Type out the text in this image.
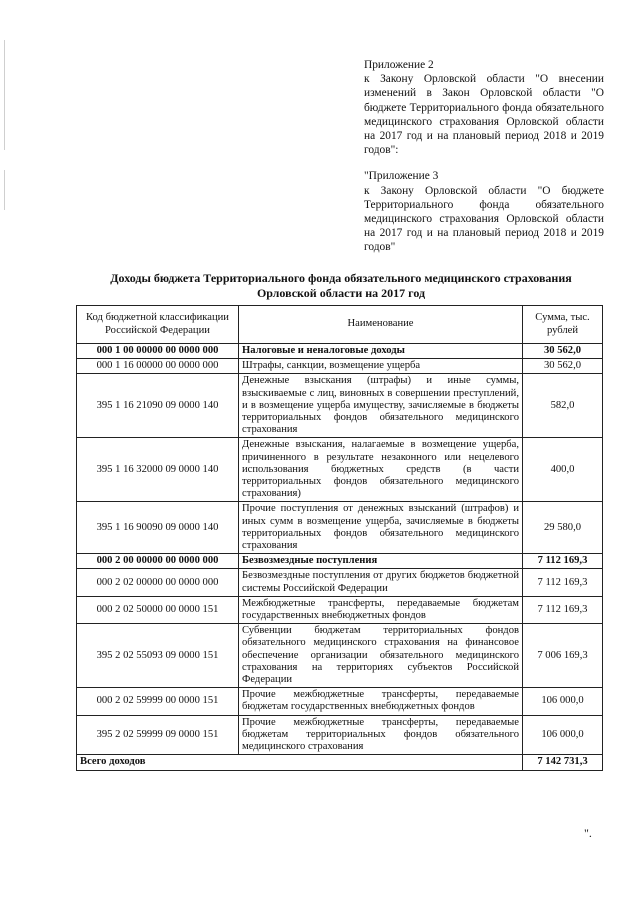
Приложение 2

к Закону Орловской области "О внесении изменений в Закон Орловской области "О бюджете Территориального фонда обязательного медицинского страхования Орловской области на 2017 год и на плановый период 2018 и 2019 годов":

"Приложение 3

к Закону Орловской области "О бюджете Территориального фонда обязательного медицинского страхования Орловской области на 2017 год и на плановый период 2018 и 2019 годов"

Доходы бюджета Территориального фонда обязательного медицинского страхования
Орловской области на 2017 год
Код бюджетной классификации Российской Федерации	Наименование	Сумма, тыс. рублей
000 1 00 00000 00 0000 000	Налоговые и неналоговые доходы	30 562,0
000 1 16 00000 00 0000 000	Штрафы, санкции, возмещение ущерба	30 562,0
395 1 16 21090 09 0000 140	Денежные взыскания (штрафы) и иные суммы, взыскиваемые с лиц, виновных в совершении преступлений, и в возмещение ущерба имуществу, зачисляемые в бюджеты территориальных фондов обязательного медицинского страхования	582,0
395 1 16 32000 09 0000 140	Денежные взыскания, налагаемые в возмещение ущерба, причиненного в результате незаконного или нецелевого использования бюджетных средств (в части территориальных фондов обязательного медицинского страхования)	400,0
395 1 16 90090 09 0000 140	Прочие поступления от денежных взысканий (штрафов) и иных сумм в возмещение ущерба, зачисляемые в бюджеты территориальных фондов обязательного медицинского страхования	29 580,0
000 2 00 00000 00 0000 000	Безвозмездные поступления	7 112 169,3
000 2 02 00000 00 0000 000	Безвозмездные поступления от других бюджетов бюджетной системы Российской Федерации	7 112 169,3
000 2 02 50000 00 0000 151	Межбюджетные трансферты, передаваемые бюджетам государственных внебюджетных фондов	7 112 169,3
395 2 02 55093 09 0000 151	Субвенции бюджетам территориальных фондов обязательного медицинского страхования на финансовое обеспечение организации обязательного медицинского страхования на территориях субъектов Российской Федерации	7 006 169,3
000 2 02 59999 00 0000 151	Прочие межбюджетные трансферты, передаваемые бюджетам государственных внебюджетных фондов	106 000,0
395 2 02 59999 09 0000 151	Прочие межбюджетные трансферты, передаваемые бюджетам территориальных фондов обязательного медицинского страхования	106 000,0
Всего доходов		7 142 731,3
".
